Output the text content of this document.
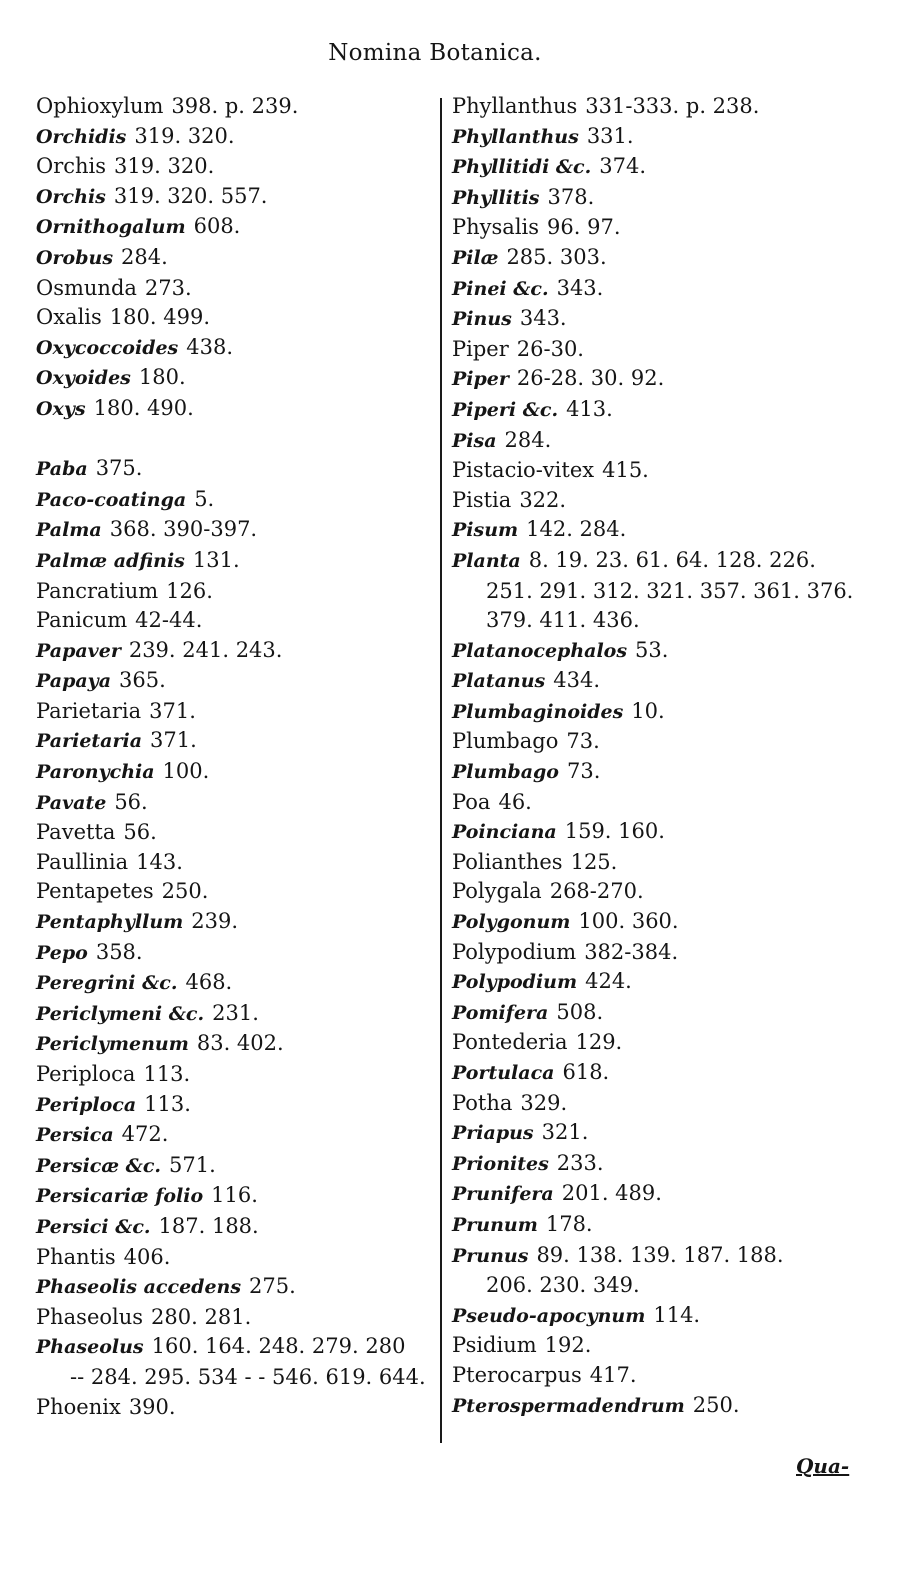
Nomina Botanica.
Ophioxylum 398. p. 239.
Orchidis 319. 320.
Orchis 319. 320.
Orchis 319. 320. 557.
Ornithogalum 608.
Orobus 284.
Osmunda 273.
Oxalis 180. 499.
Oxycoccoides 438.
Oxyoides 180.
Oxys 180. 490.
Paba 375.
Paco-coatinga 5.
Palma 368. 390-397.
Palmæ adfinis 131.
Pancratium 126.
Panicum 42-44.
Papaver 239. 241. 243.
Papaya 365.
Parietaria 371.
Parietaria 371.
Paronychia 100.
Pavate 56.
Pavetta 56.
Paullinia 143.
Pentapetes 250.
Pentaphyllum 239.
Pepo 358.
Peregrini &c. 468.
Periclymeni &c. 231.
Periclymenum 83. 402.
Periploca 113.
Periploca 113.
Persica 472.
Persicæ &c. 571.
Persicariæ folio 116.
Persici &c. 187. 188.
Phantis 406.
Phaseolis accedens 275.
Phaseolus 280. 281.
Phaseolus 160. 164. 248. 279. 280
-- 284. 295. 534 - - 546. 619. 644.
Phoenix 390.
Phyllanthus 331-333. p. 238.
Phyllanthus 331.
Phyllitidi &c. 374.
Phyllitis 378.
Physalis 96. 97.
Pilæ 285. 303.
Pinei &c. 343.
Pinus 343.
Piper 26-30.
Piper 26-28. 30. 92.
Piperi &c. 413.
Pisa 284.
Pistacio-vitex 415.
Pistia 322.
Pisum 142. 284.
Planta 8. 19. 23. 61. 64. 128. 226.
251. 291. 312. 321. 357. 361. 376. 379. 411. 436.
Platanocephalos 53.
Platanus 434.
Plumbaginoides 10.
Plumbago 73.
Plumbago 73.
Poa 46.
Poinciana 159. 160.
Polianthes 125.
Polygala 268-270.
Polygonum 100. 360.
Polypodium 382-384.
Polypodium 424.
Pomifera 508.
Pontederia 129.
Portulaca 618.
Potha 329.
Priapus 321.
Prionites 233.
Prunifera 201. 489.
Prunum 178.
Prunus 89. 138. 139. 187. 188.
206. 230. 349.
Pseudo-apocynum 114.
Psidium 192.
Pterocarpus 417.
Pterospermadendrum 250.
Qua-
